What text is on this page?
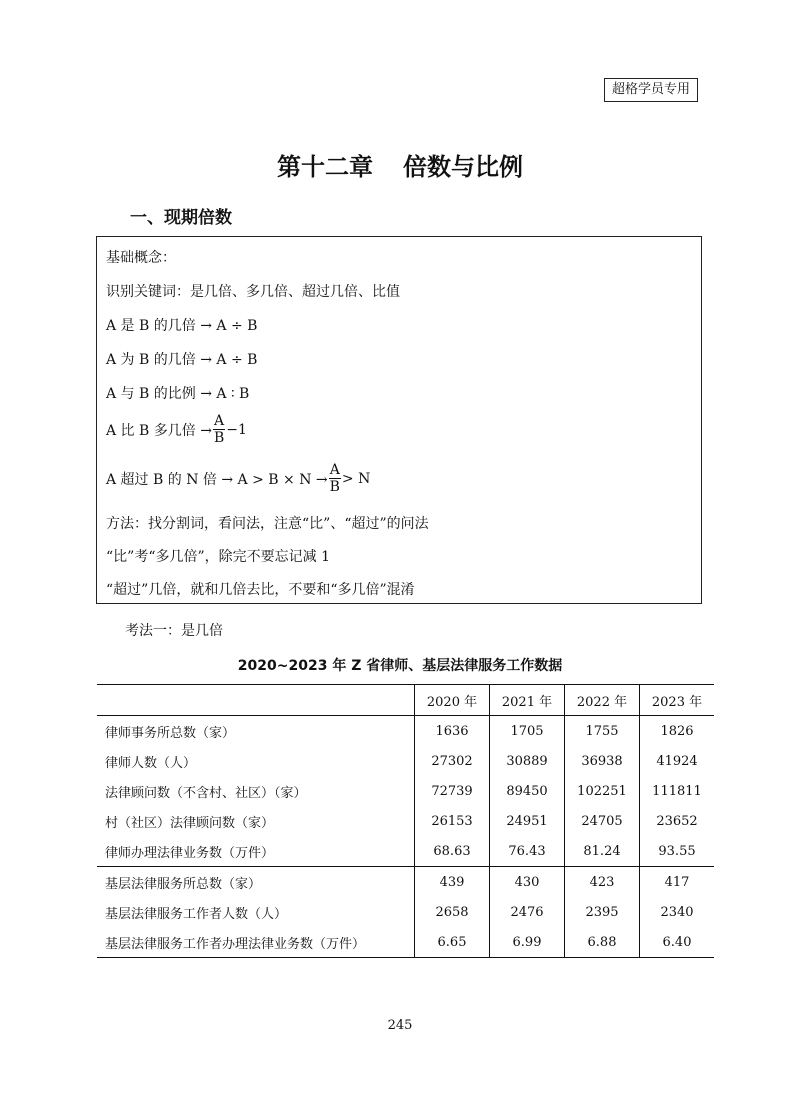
超格学员专用
第十二章 倍数与比例
一、现期倍数
基础概念：
识别关键词：是几倍、多几倍、超过几倍、比值
A 是 B 的几倍 → A ÷ B
A 为 B 的几倍 → A ÷ B
A 与 B 的比例 → A ∶ B
A 比 B 多几倍 → $\frac{A}{B} -1$
A 超过 B 的 N 倍 → $A > B \times N \to \frac{A}{B} > N$
方法：找分割词，看问法，注意“比”、“超过”的问法
“比”考“多几倍”，除完不要忘记减 1
“超过”几倍，就和几倍去比，不要和“多几倍”混淆
考法一：是几倍
2020~2023 年 Z 省律师、基层法律服务工作数据
	2020 年	2021 年	2022 年	2023 年
律师事务所总数（家）	1636	1705	1755	1826
律师人数（人）	27302	30889	36938	41924
法律顾问数（不含村、社区）（家）	72739	89450	102251	111811
村（社区）法律顾问数（家）	26153	24951	24705	23652
律师办理法律业务数（万件）	68.63	76.43	81.24	93.55
基层法律服务所总数（家）	439	430	423	417
基层法律服务工作者人数（人）	2658	2476	2395	2340
基层法律服务工作者办理法律业务数（万件）	6.65	6.99	6.88	6.40
245
